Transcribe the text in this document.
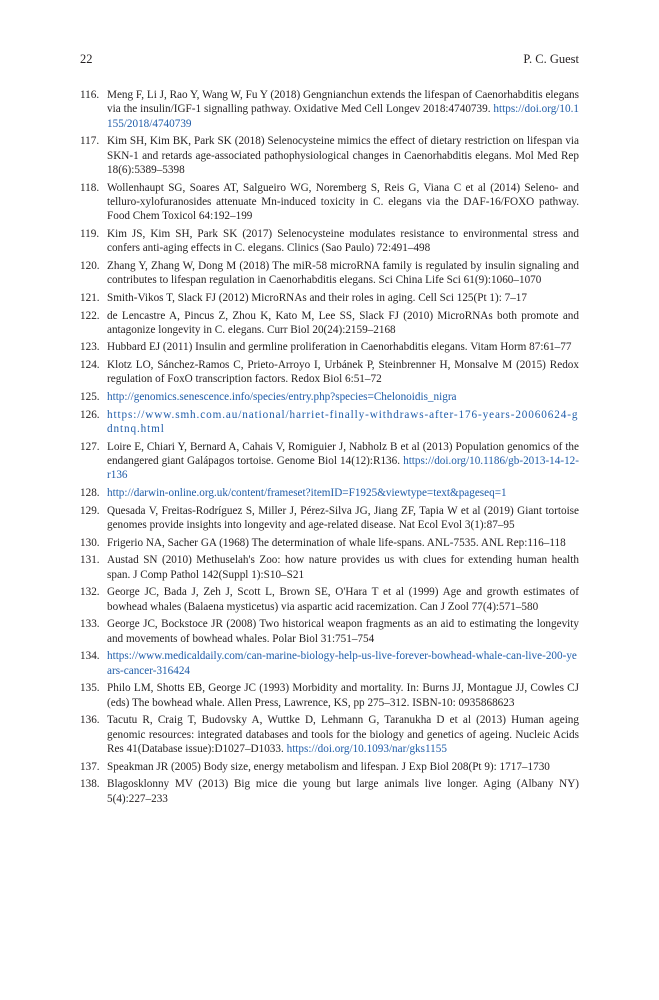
22	P. C. Guest
116. Meng F, Li J, Rao Y, Wang W, Fu Y (2018) Gengnianchun extends the lifespan of Caenorhabditis elegans via the insulin/IGF-1 signalling pathway. Oxidative Med Cell Longev 2018:4740739. https://doi.org/10.1155/2018/4740739
117. Kim SH, Kim BK, Park SK (2018) Selenocysteine mimics the effect of dietary restriction on lifespan via SKN-1 and retards age-associated pathophysiological changes in Caenorhabditis elegans. Mol Med Rep 18(6):5389–5398
118. Wollenhaupt SG, Soares AT, Salgueiro WG, Noremberg S, Reis G, Viana C et al (2014) Seleno- and telluro-xylofuranosides attenuate Mn-induced toxicity in C. elegans via the DAF-16/FOXO pathway. Food Chem Toxicol 64:192–199
119. Kim JS, Kim SH, Park SK (2017) Selenocysteine modulates resistance to environmental stress and confers anti-aging effects in C. elegans. Clinics (Sao Paulo) 72:491–498
120. Zhang Y, Zhang W, Dong M (2018) The miR-58 microRNA family is regulated by insulin signaling and contributes to lifespan regulation in Caenorhabditis elegans. Sci China Life Sci 61(9):1060–1070
121. Smith-Vikos T, Slack FJ (2012) MicroRNAs and their roles in aging. Cell Sci 125(Pt 1): 7–17
122. de Lencastre A, Pincus Z, Zhou K, Kato M, Lee SS, Slack FJ (2010) MicroRNAs both promote and antagonize longevity in C. elegans. Curr Biol 20(24):2159–2168
123. Hubbard EJ (2011) Insulin and germline proliferation in Caenorhabditis elegans. Vitam Horm 87:61–77
124. Klotz LO, Sánchez-Ramos C, Prieto-Arroyo I, Urbánek P, Steinbrenner H, Monsalve M (2015) Redox regulation of FoxO transcription factors. Redox Biol 6:51–72
125. http://genomics.senescence.info/species/entry.php?species=Chelonoidis_nigra
126. https://www.smh.com.au/national/harriet-finally-withdraws-after-176-years-20060624-gdntnq.html
127. Loire E, Chiari Y, Bernard A, Cahais V, Romiguier J, Nabholz B et al (2013) Population genomics of the endangered giant Galápagos tortoise. Genome Biol 14(12):R136. https://doi.org/10.1186/gb-2013-14-12-r136
128. http://darwin-online.org.uk/content/frameset?itemID=F1925&viewtype=text&pageseq=1
129. Quesada V, Freitas-Rodríguez S, Miller J, Pérez-Silva JG, Jiang ZF, Tapia W et al (2019) Giant tortoise genomes provide insights into longevity and age-related disease. Nat Ecol Evol 3(1):87–95
130. Frigerio NA, Sacher GA (1968) The determination of whale life-spans. ANL-7535. ANL Rep:116–118
131. Austad SN (2010) Methuselah's Zoo: how nature provides us with clues for extending human health span. J Comp Pathol 142(Suppl 1):S10–S21
132. George JC, Bada J, Zeh J, Scott L, Brown SE, O'Hara T et al (1999) Age and growth estimates of bowhead whales (Balaena mysticetus) via aspartic acid racemization. Can J Zool 77(4):571–580
133. George JC, Bockstoce JR (2008) Two historical weapon fragments as an aid to estimating the longevity and movements of bowhead whales. Polar Biol 31:751–754
134. https://www.medicaldaily.com/can-marine-biology-help-us-live-forever-bowhead-whale-can-live-200-years-cancer-316424
135. Philo LM, Shotts EB, George JC (1993) Morbidity and mortality. In: Burns JJ, Montague JJ, Cowles CJ (eds) The bowhead whale. Allen Press, Lawrence, KS, pp 275–312. ISBN-10: 0935868623
136. Tacutu R, Craig T, Budovsky A, Wuttke D, Lehmann G, Taranukha D et al (2013) Human ageing genomic resources: integrated databases and tools for the biology and genetics of ageing. Nucleic Acids Res 41(Database issue):D1027–D1033. https://doi.org/10.1093/nar/gks1155
137. Speakman JR (2005) Body size, energy metabolism and lifespan. J Exp Biol 208(Pt 9): 1717–1730
138. Blagosklonny MV (2013) Big mice die young but large animals live longer. Aging (Albany NY) 5(4):227–233
